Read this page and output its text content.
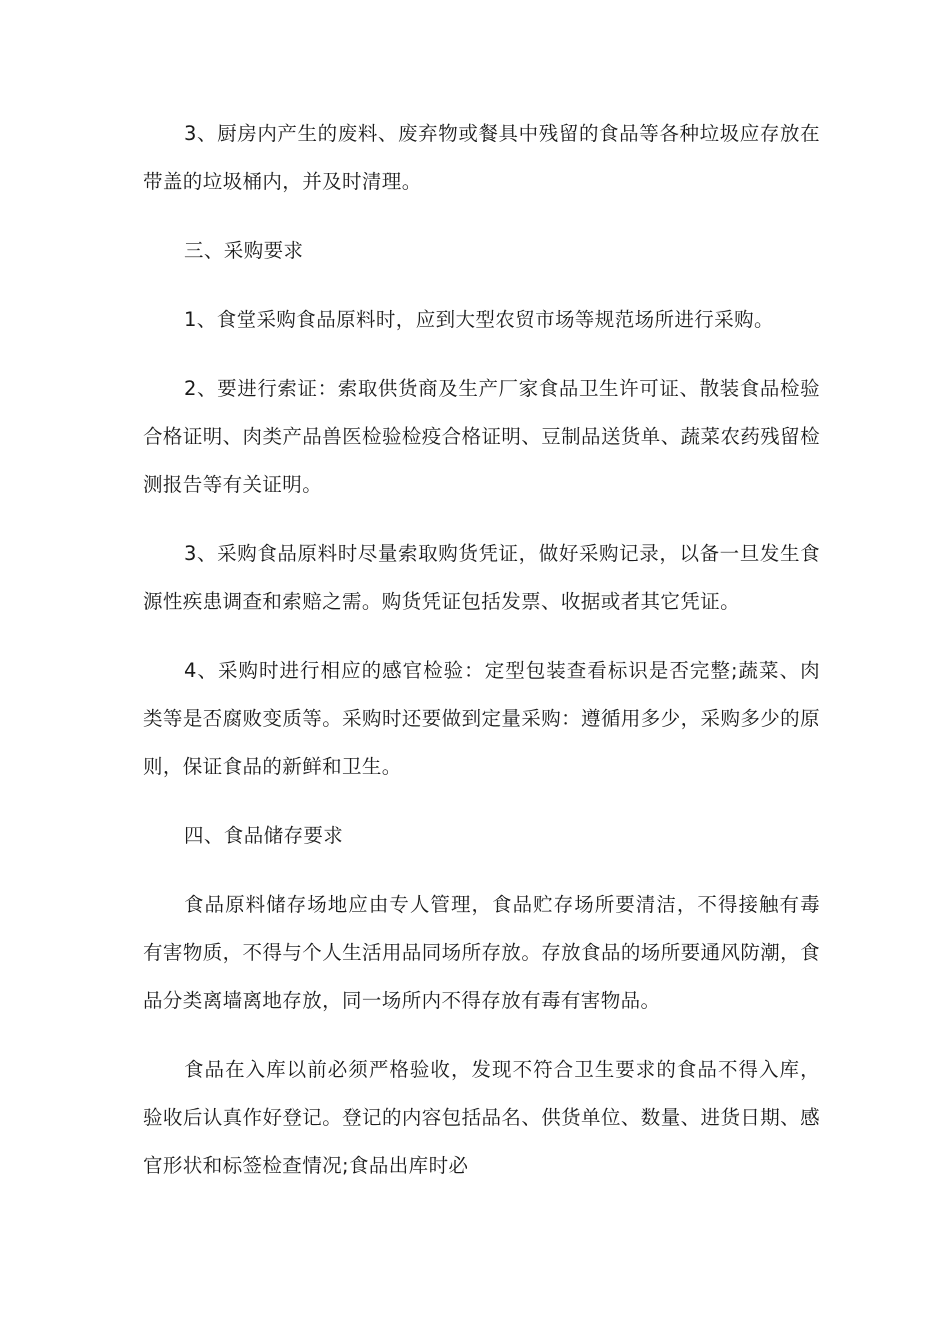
3、厨房内产生的废料、废弃物或餐具中残留的食品等各种垃圾应存放在带盖的垃圾桶内，并及时清理。

三、采购要求

1、食堂采购食品原料时，应到大型农贸市场等规范场所进行采购。

2、要进行索证：索取供货商及生产厂家食品卫生许可证、散装食品检验合格证明、肉类产品兽医检验检疫合格证明、豆制品送货单、蔬菜农药残留检测报告等有关证明。

3、采购食品原料时尽量索取购货凭证，做好采购记录，以备一旦发生食源性疾患调查和索赔之需。购货凭证包括发票、收据或者其它凭证。

4、采购时进行相应的感官检验：定型包装查看标识是否完整;蔬菜、肉类等是否腐败变质等。采购时还要做到定量采购：遵循用多少，采购多少的原则，保证食品的新鲜和卫生。

四、食品储存要求

食品原料储存场地应由专人管理，食品贮存场所要清洁，不得接触有毒有害物质，不得与个人生活用品同场所存放。存放食品的场所要通风防潮，食品分类离墙离地存放，同一场所内不得存放有毒有害物品。

食品在入库以前必须严格验收，发现不符合卫生要求的食品不得入库，验收后认真作好登记。登记的内容包括品名、供货单位、数量、进货日期、感官形状和标签检查情况;食品出库时必
